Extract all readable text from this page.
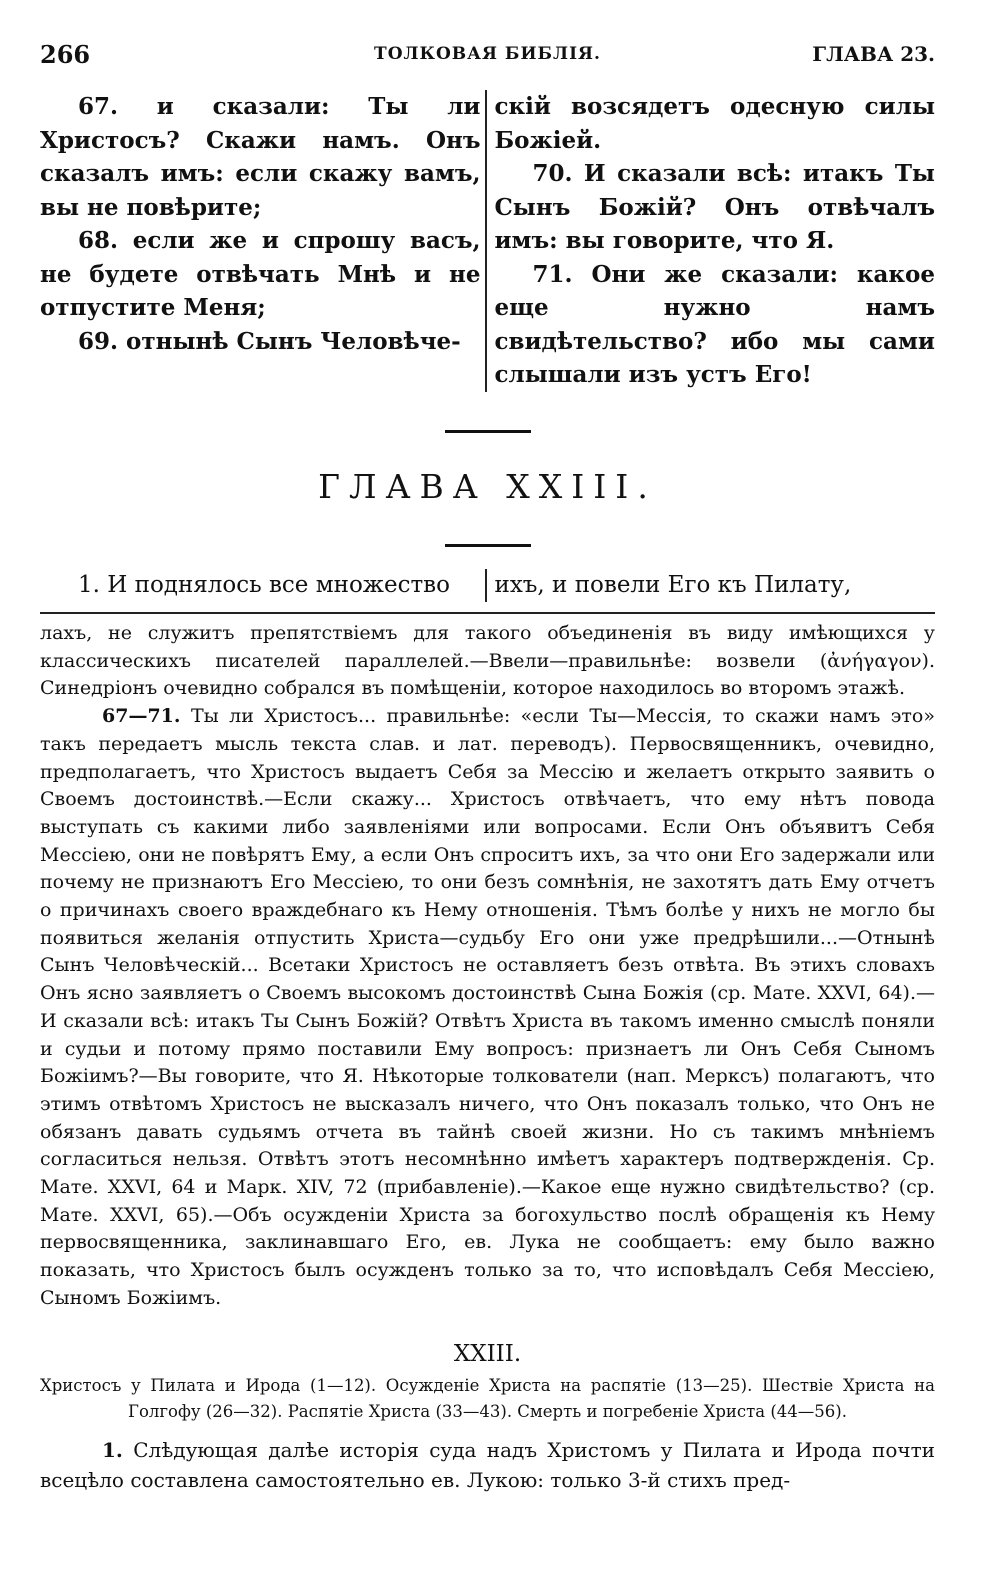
266	ТОЛКОВАЯ БИБЛIЯ.	ГЛАВА 23.

67. и сказали: Ты ли Христосъ? Скажи намъ. Онъ сказалъ имъ: если скажу вамъ, вы не повѣрите;

68. если же и спрошу васъ, не будете отвѣчать Мнѣ и не отпустите Меня;

69. отнынѣ Сынъ Человѣче-

скiй возсядетъ одесную силы Божiей.

70. И сказали всѣ: итакъ Ты Сынъ Божiй? Онъ отвѣчалъ имъ: вы говорите, что Я.

71. Они же сказали: какое еще нужно намъ свидѣтельство? ибо мы сами слышали изъ устъ Его!

ГЛАВА XXIII.

1. И поднялось все множество	ихъ, и повели Его къ Пилату,

лахъ, не служитъ препятствiемъ для такого объединенiя въ виду имѣющихся у классическихъ писателей параллелей.—Ввели—правильнѣе: возвели (ἀνήγαγον). Синедрiонъ очевидно собрался въ помѣщенiи, которое находилось во второмъ этажѣ.

67—71. Ты ли Христосъ... правильнѣе: «если Ты—Мессiя, то скажи намъ это» такъ передаетъ мысль текста слав. и лат. переводъ). Первосвященникъ, очевидно, предполагаетъ, что Христосъ выдаетъ Себя за Мессiю и желаетъ открыто заявить о Своемъ достоинствѣ.—Если скажу... Христосъ отвѣчаетъ, что ему нѣтъ повода выступать съ какими либо заявленiями или вопросами. Если Онъ объявитъ Себя Мессiею, они не повѣрятъ Ему, а если Онъ спроситъ ихъ, за что они Его задержали или почему не признаютъ Его Мессiею, то они безъ сомнѣнiя, не захотятъ дать Ему отчетъ о причинахъ своего враждебнаго къ Нему отношенiя. Тѣмъ болѣе у нихъ не могло бы появиться желанiя отпустить Христа—судьбу Его они уже предрѣшили...—Отнынѣ Сынъ Человѣческiй... Всетаки Христосъ не оставляетъ безъ отвѣта. Въ этихъ словахъ Онъ ясно заявляетъ о Своемъ высокомъ достоинствѣ Сына Божiя (ср. Мате. XXVI, 64).—И сказали всѣ: итакъ Ты Сынъ Божiй? Отвѣтъ Христа въ такомъ именно смыслѣ поняли и судьи и потому прямо поставили Ему вопросъ: признаетъ ли Онъ Себя Сыномъ Божiимъ?—Вы говорите, что Я. Нѣкоторые толкователи (нап. Мерксъ) полагаютъ, что этимъ отвѣтомъ Христосъ не высказалъ ничего, что Онъ показалъ только, что Онъ не обязанъ давать судьямъ отчета въ тайнѣ своей жизни. Но съ такимъ мнѣнiемъ согласиться нельзя. Отвѣтъ этотъ несомнѣнно имѣетъ характеръ подтвержденiя. Ср. Мате. XXVI, 64 и Марк. XIV, 72 (прибавленiе).—Какое еще нужно свидѣтельство? (ср. Мате. XXVI, 65).—Объ осужденiи Христа за богохульство послѣ обращенiя къ Нему первосвященника, заклинавшаго Его, ев. Лука не сообщаетъ: ему было важно показать, что Христосъ былъ осужденъ только за то, что исповѣдалъ Себя Мессiею, Сыномъ Божiимъ.

XXIII.
Христосъ у Пилата и Ирода (1—12). Осужденiе Христа на распятiе (13—25). Шествiе Христа на Голгофу (26—32). Распятiе Христа (33—43). Смерть и погребенiе Христа (44—56).

1. Слѣдующая далѣе исторiя суда надъ Христомъ у Пилата и Ирода почти всецѣло составлена самостоятельно ев. Лукою: только 3-й стихъ пред-
